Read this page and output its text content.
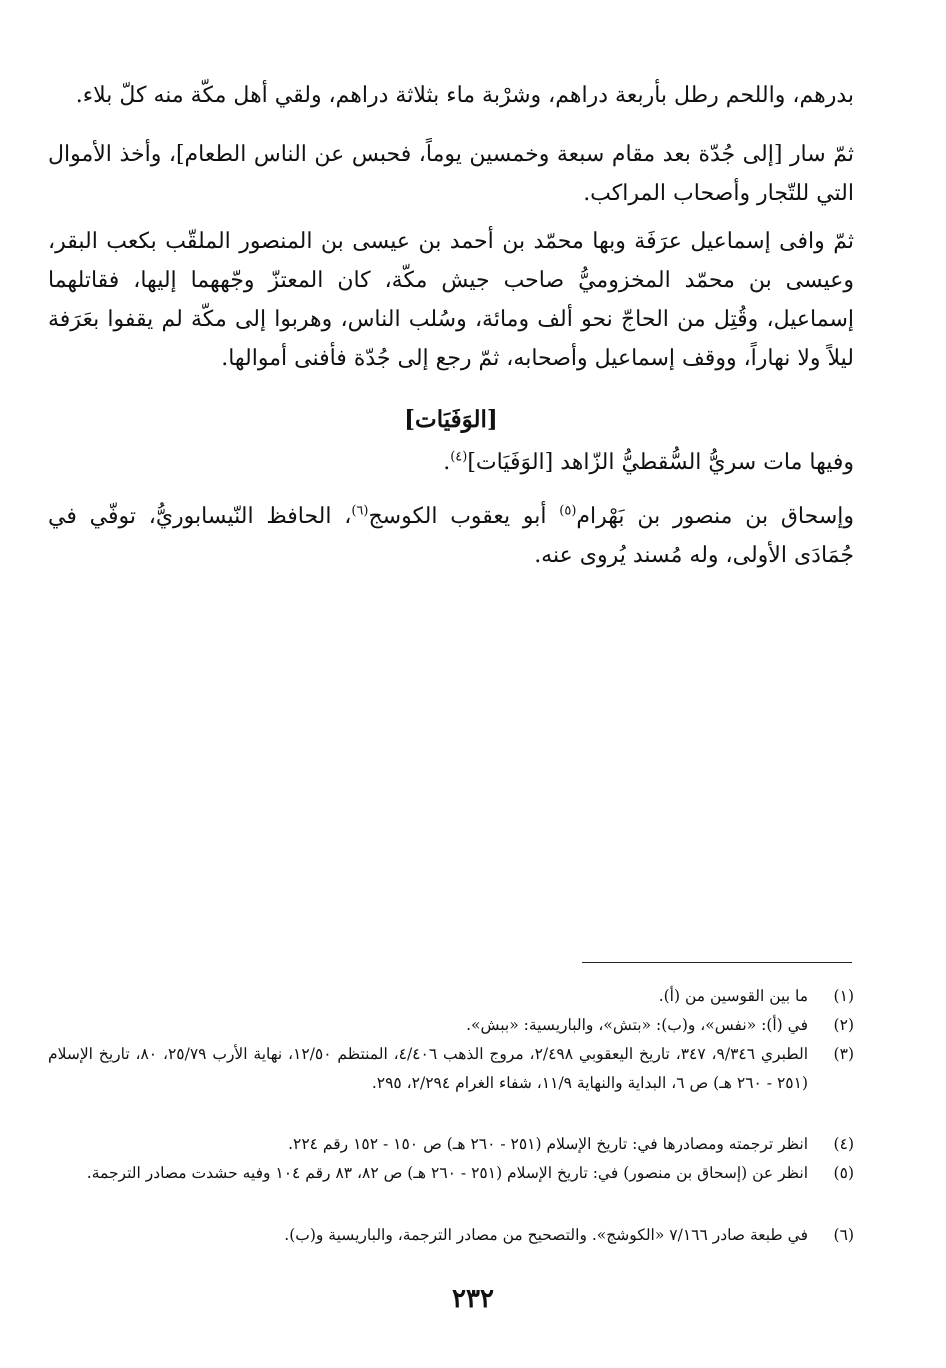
بدرهم، واللحم رطل بأربعة دراهم، وشرْبة ماء بثلاثة دراهم، ولقي أهل مكّة منه كلّ بلاء.

ثمّ سار [إلى جُدّة بعد مقام سبعة وخمسين يوماً، فحبس عن الناس الطعام]، وأخذ الأموال التي للتّجار وأصحاب المراكب.

ثمّ وافى إسماعيل عرَفَة وبها محمّد بن أحمد بن عيسى بن المنصور الملقّب بكعب البقر، وعيسى بن محمّد المخزوميُّ صاحب جيش مكّة، كان المعتزّ وجّههما إليها، فقاتلهما إسماعيل، وقُتِل من الحاجّ نحو ألف ومائة، وسُلب الناس، وهربوا إلى مكّة لم يقفوا بعَرَفة ليلاً ولا نهاراً، ووقف إسماعيل وأصحابه، ثمّ رجع إلى جُدّة فأفنى أموالها.

[الوَفَيَات]

وفيها مات سريُّ السُّقطيُّ الزّاهد [الوَفَيَات]$^{(٤)}$.

وإسحاق بن منصور بن بَهْرام$^{(٥)}$ أبو يعقوب الكوسج$^{(٦)}$، الحافظ النّيسابوريُّ، توفّي في جُمَادَى الأولى، وله مُسند يُروى عنه.

(١)
ما بين القوسين من (أ).
(٢)
في (أ): «نفس»، و(ب): «بتش»، والباريسية: «ببش».
(٣)
الطبري ٩/٣٤٦، ٣٤٧، تاريخ اليعقوبي ٢/٤٩٨، مروج الذهب ٤/٤٠٦، المنتظم ١٢/٥٠، نهاية الأرب ٢٥/٧٩، ٨٠، تاريخ الإسلام (٢٥١ - ٢٦٠ هـ) ص ٦، البداية والنهاية ١١/٩، شفاء الغرام ٢/٢٩٤، ٢٩٥.
(٤)
انظر ترجمته ومصادرها في: تاريخ الإسلام (٢٥١ - ٢٦٠ هـ) ص ١٥٠ - ١٥٢ رقم ٢٢٤.
(٥)
انظر عن (إسحاق بن منصور) في: تاريخ الإسلام (٢٥١ - ٢٦٠ هـ) ص ٨٢، ٨٣ رقم ١٠٤ وفيه حشدت مصادر الترجمة.
(٦)
في طبعة صادر ٧/١٦٦ «الكوشج». والتصحيح من مصادر الترجمة، والباريسية و(ب).
٢٣٢
